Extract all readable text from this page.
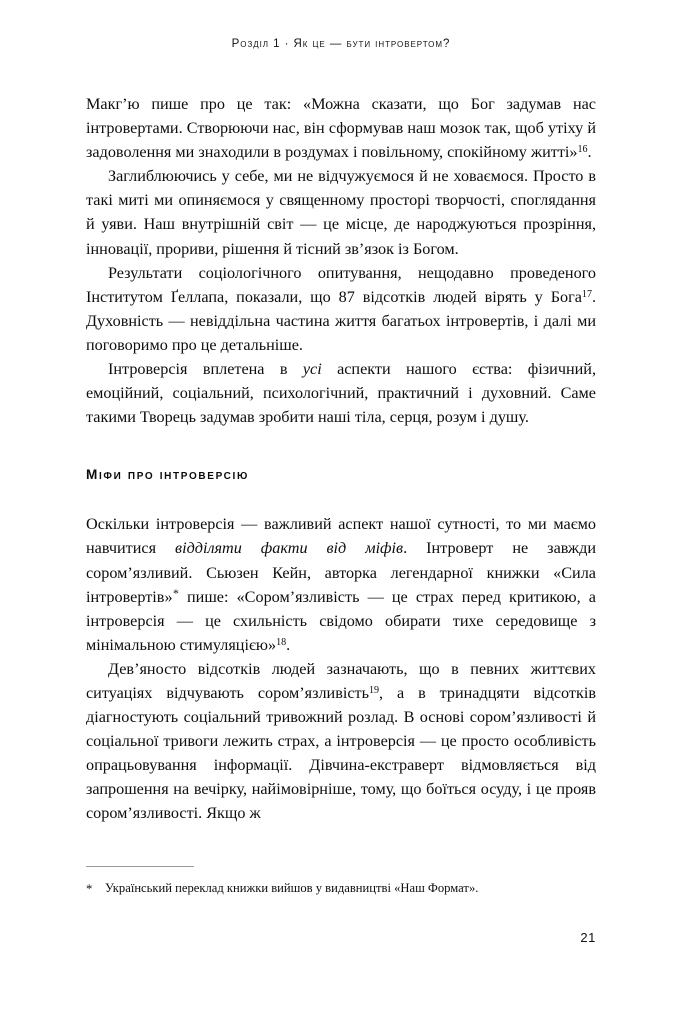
Розділ 1 · Як це — бути інтровертом?

Макг’ю пише про це так: «Можна сказати, що Бог задумав нас інтровертами. Створюючи нас, він сформував наш мозок так, щоб утіху й задоволення ми знаходили в роздумах і повільному, спокійному житті»$^{16}$.

Заглиблюючись у себе, ми не відчужуємося й не ховаємося. Просто в такі миті ми опиняємося у священному просторі творчості, споглядання й уяви. Наш внутрішній світ — це місце, де народжуються прозріння, інновації, прориви, рішення й тісний зв’язок із Богом.

Результати соціологічного опитування, нещодавно проведеного Інститутом Ґеллапа, показали, що 87 відсотків людей вірять у Бога$^{17}$. Духовність — невіддільна частина життя багатьох інтровертів, і далі ми поговоримо про це детальніше.

Інтроверсія вплетена в усі аспекти нашого єства: фізичний, емоційний, соціальний, психологічний, практичний і духовний. Саме такими Творець задумав зробити наші тіла, серця, розум і душу.

Міфи про інтроверсію

Оскільки інтроверсія — важливий аспект нашої сутності, то ми маємо навчитися відділяти факти від міфів. Інтроверт не завжди сором’язливий. Сьюзен Кейн, авторка легендарної книжки «Сила інтровертів»* пише: «Сором’язливість — це страх перед критикою, а інтроверсія — це схильність свідомо обирати тихе середовище з мінімальною стимуляцією»$^{18}$.

Дев’яносто відсотків людей зазначають, що в певних життєвих ситуаціях відчувають сором’язливість$^{19}$, а в тринадцяти відсотків діагностують соціальний тривожний розлад. В основі сором’язливості й соціальної тривоги лежить страх, а інтроверсія — це просто особливість опрацьовування інформації. Дівчина-екстраверт відмовляється від запрошення на вечірку, найімовірніше, тому, що боїться осуду, і це прояв сором’язливості. Якщо ж

* Український переклад книжки вийшов у видавництві «Наш Формат».
21
